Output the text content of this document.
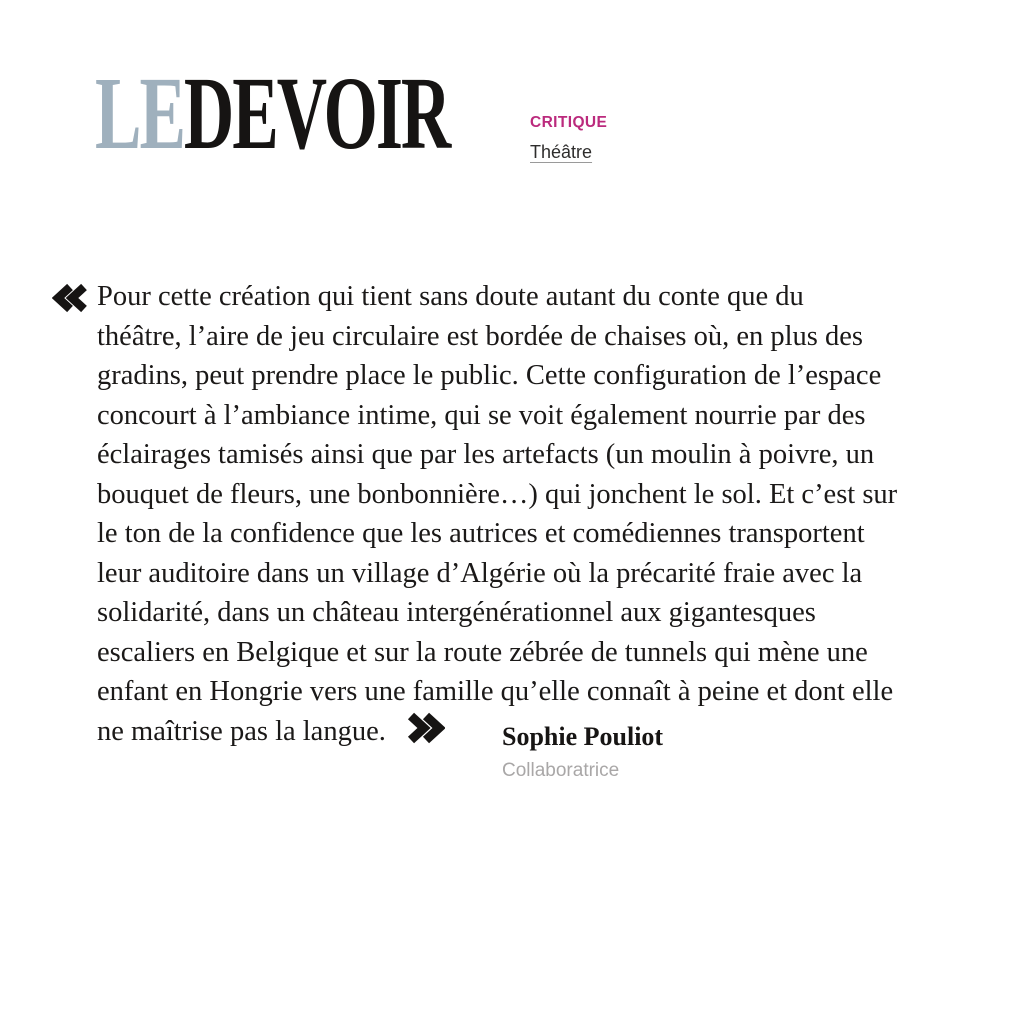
LEDEVOIR	CRITIQUE
Théâtre
Pour cette création qui tient sans doute autant du conte que du
théâtre, l’aire de jeu circulaire est bordée de chaises où, en plus des
gradins, peut prendre place le public. Cette configuration de l’espace
concourt à l’ambiance intime, qui se voit également nourrie par des
éclairages tamisés ainsi que par les artefacts (un moulin à poivre, un
bouquet de fleurs, une bonbonnière…) qui jonchent le sol. Et c’est sur
le ton de la confidence que les autrices et comédiennes transportent
leur auditoire dans un village d’Algérie où la précarité fraie avec la
solidarité, dans un château intergénérationnel aux gigantesques
escaliers en Belgique et sur la route zébrée de tunnels qui mène une
enfant en Hongrie vers une famille qu’elle connaît à peine et dont elle
ne maîtrise pas la langue.	Sophie Pouliot
Collaboratrice
